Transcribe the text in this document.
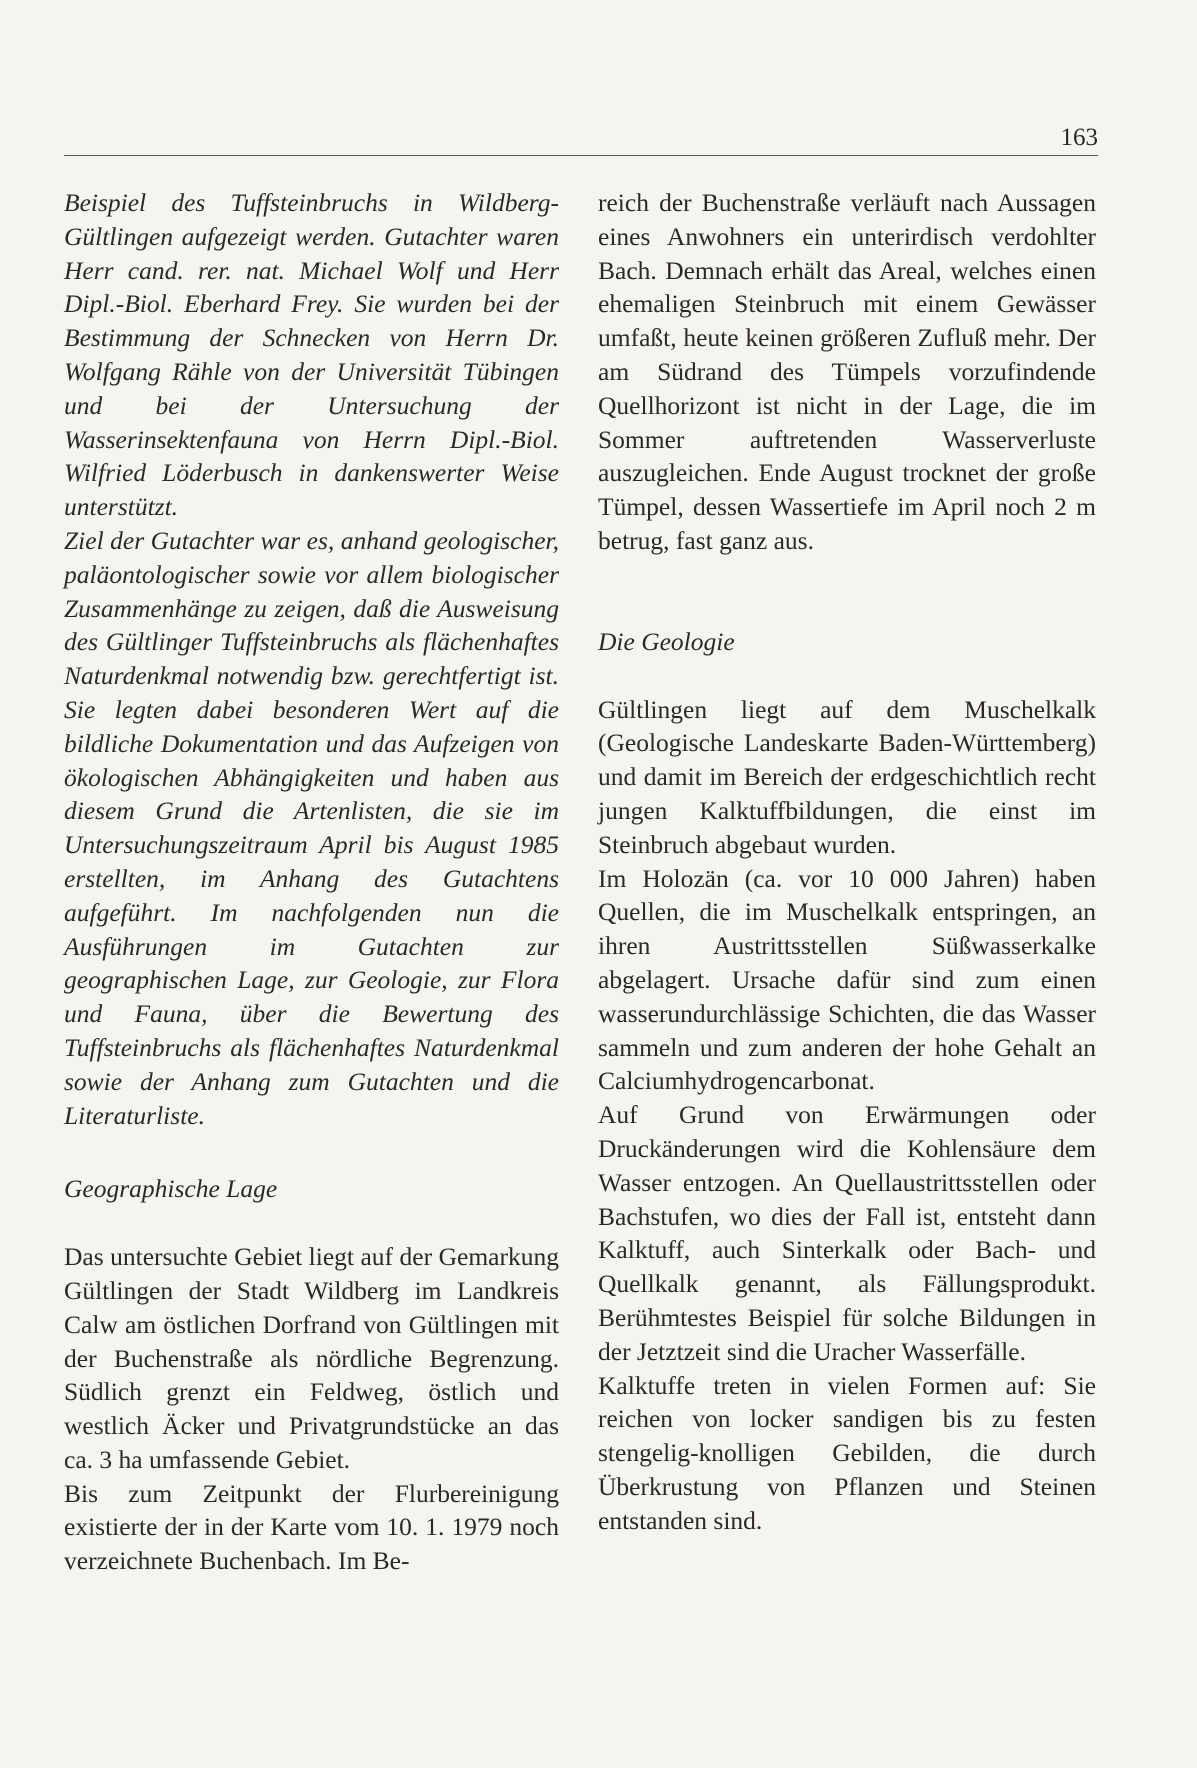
163

Beispiel des Tuffsteinbruchs in Wildberg-Gültlingen aufgezeigt werden. Gutachter waren Herr cand. rer. nat. Michael Wolf und Herr Dipl.-Biol. Eberhard Frey. Sie wurden bei der Bestimmung der Schnecken von Herrn Dr. Wolfgang Rähle von der Universität Tübingen und bei der Untersuchung der Wasserinsektenfauna von Herrn Dipl.-Biol. Wilfried Löderbusch in dankenswerter Weise unterstützt.

Ziel der Gutachter war es, anhand geologischer, paläontologischer sowie vor allem biologischer Zusammenhänge zu zeigen, daß die Ausweisung des Gültlinger Tuffsteinbruchs als flächenhaftes Naturdenkmal notwendig bzw. gerechtfertigt ist. Sie legten dabei besonderen Wert auf die bildliche Dokumentation und das Aufzeigen von ökologischen Abhängigkeiten und haben aus diesem Grund die Artenlisten, die sie im Untersuchungszeitraum April bis August 1985 erstellten, im Anhang des Gutachtens aufgeführt. Im nachfolgenden nun die Ausführungen im Gutachten zur geographischen Lage, zur Geologie, zur Flora und Fauna, über die Bewertung des Tuffsteinbruchs als flächenhaftes Naturdenkmal sowie der Anhang zum Gutachten und die Literaturliste.

Geographische Lage

Das untersuchte Gebiet liegt auf der Gemarkung Gültlingen der Stadt Wildberg im Landkreis Calw am östlichen Dorfrand von Gültlingen mit der Buchenstraße als nördliche Begrenzung. Südlich grenzt ein Feldweg, östlich und westlich Äcker und Privatgrundstücke an das ca. 3 ha umfassende Gebiet.

Bis zum Zeitpunkt der Flurbereinigung existierte der in der Karte vom 10. 1. 1979 noch verzeichnete Buchenbach. Im Be-

reich der Buchenstraße verläuft nach Aussagen eines Anwohners ein unterirdisch verdohlter Bach. Demnach erhält das Areal, welches einen ehemaligen Steinbruch mit einem Gewässer umfaßt, heute keinen größeren Zufluß mehr. Der am Südrand des Tümpels vorzufindende Quellhorizont ist nicht in der Lage, die im Sommer auftretenden Wasserverluste auszugleichen. Ende August trocknet der große Tümpel, dessen Wassertiefe im April noch 2 m betrug, fast ganz aus.

Die Geologie

Gültlingen liegt auf dem Muschelkalk (Geologische Landeskarte Baden-Württemberg) und damit im Bereich der erdgeschichtlich recht jungen Kalktuffbildungen, die einst im Steinbruch abgebaut wurden.

Im Holozän (ca. vor 10 000 Jahren) haben Quellen, die im Muschelkalk entspringen, an ihren Austrittsstellen Süßwasserkalke abgelagert. Ursache dafür sind zum einen wasserundurchlässige Schichten, die das Wasser sammeln und zum anderen der hohe Gehalt an Calciumhydrogencarbonat.

Auf Grund von Erwärmungen oder Druckänderungen wird die Kohlensäure dem Wasser entzogen. An Quellaustrittsstellen oder Bachstufen, wo dies der Fall ist, entsteht dann Kalktuff, auch Sinterkalk oder Bach- und Quellkalk genannt, als Fällungsprodukt. Berühmtestes Beispiel für solche Bildungen in der Jetztzeit sind die Uracher Wasserfälle.

Kalktuffe treten in vielen Formen auf: Sie reichen von locker sandigen bis zu festen stengelig-knolligen Gebilden, die durch Überkrustung von Pflanzen und Steinen entstanden sind.
